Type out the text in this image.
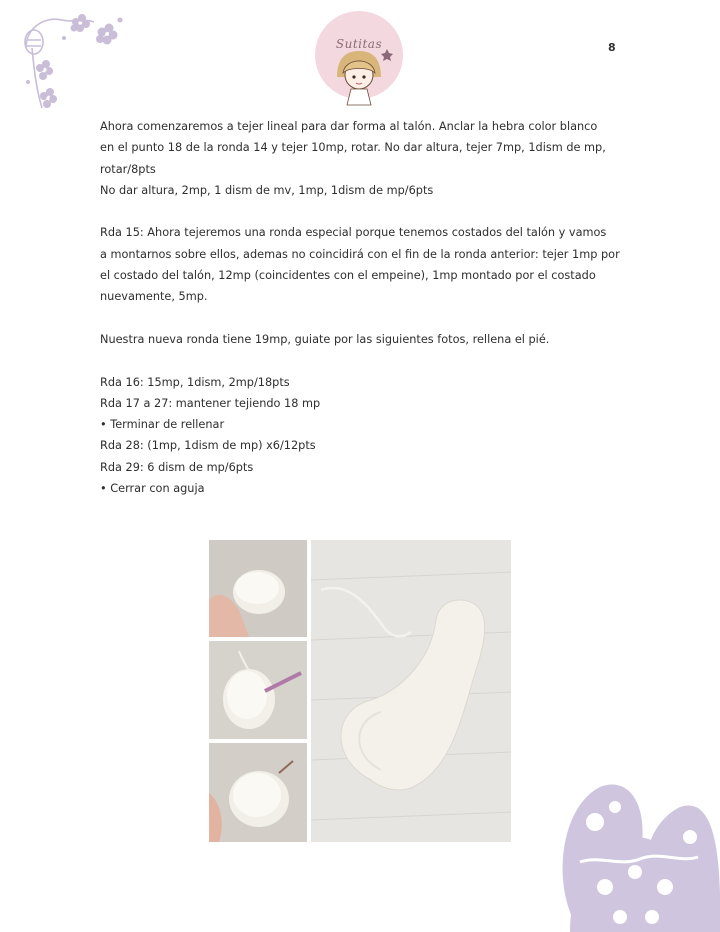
Sutitas	8

Ahora comenzaremos a tejer lineal para dar forma al talón. Anclar la hebra color blanco

en el punto 18 de la ronda 14 y tejer 10mp, rotar. No dar altura, tejer 7mp, 1dism de mp,

rotar/8pts

No dar altura, 2mp, 1 dism de mv, 1mp, 1dism de mp/6pts

Rda 15: Ahora tejeremos una ronda especial porque tenemos costados del talón y vamos

a montarnos sobre ellos, ademas no coincidirá con el fin de la ronda anterior: tejer 1mp por

el costado del talón, 12mp (coincidentes con el empeine), 1mp montado por el costado

nuevamente, 5mp.

Nuestra nueva ronda tiene 19mp, guiate por las siguientes fotos, rellena el pié.

Rda 16: 15mp, 1dism, 2mp/18pts

Rda 17 a 27: mantener tejiendo 18 mp

• Terminar de rellenar

Rda 28: (1mp, 1dism de mp) x6/12pts

Rda 29: 6 dism de mp/6pts

• Cerrar con aguja
